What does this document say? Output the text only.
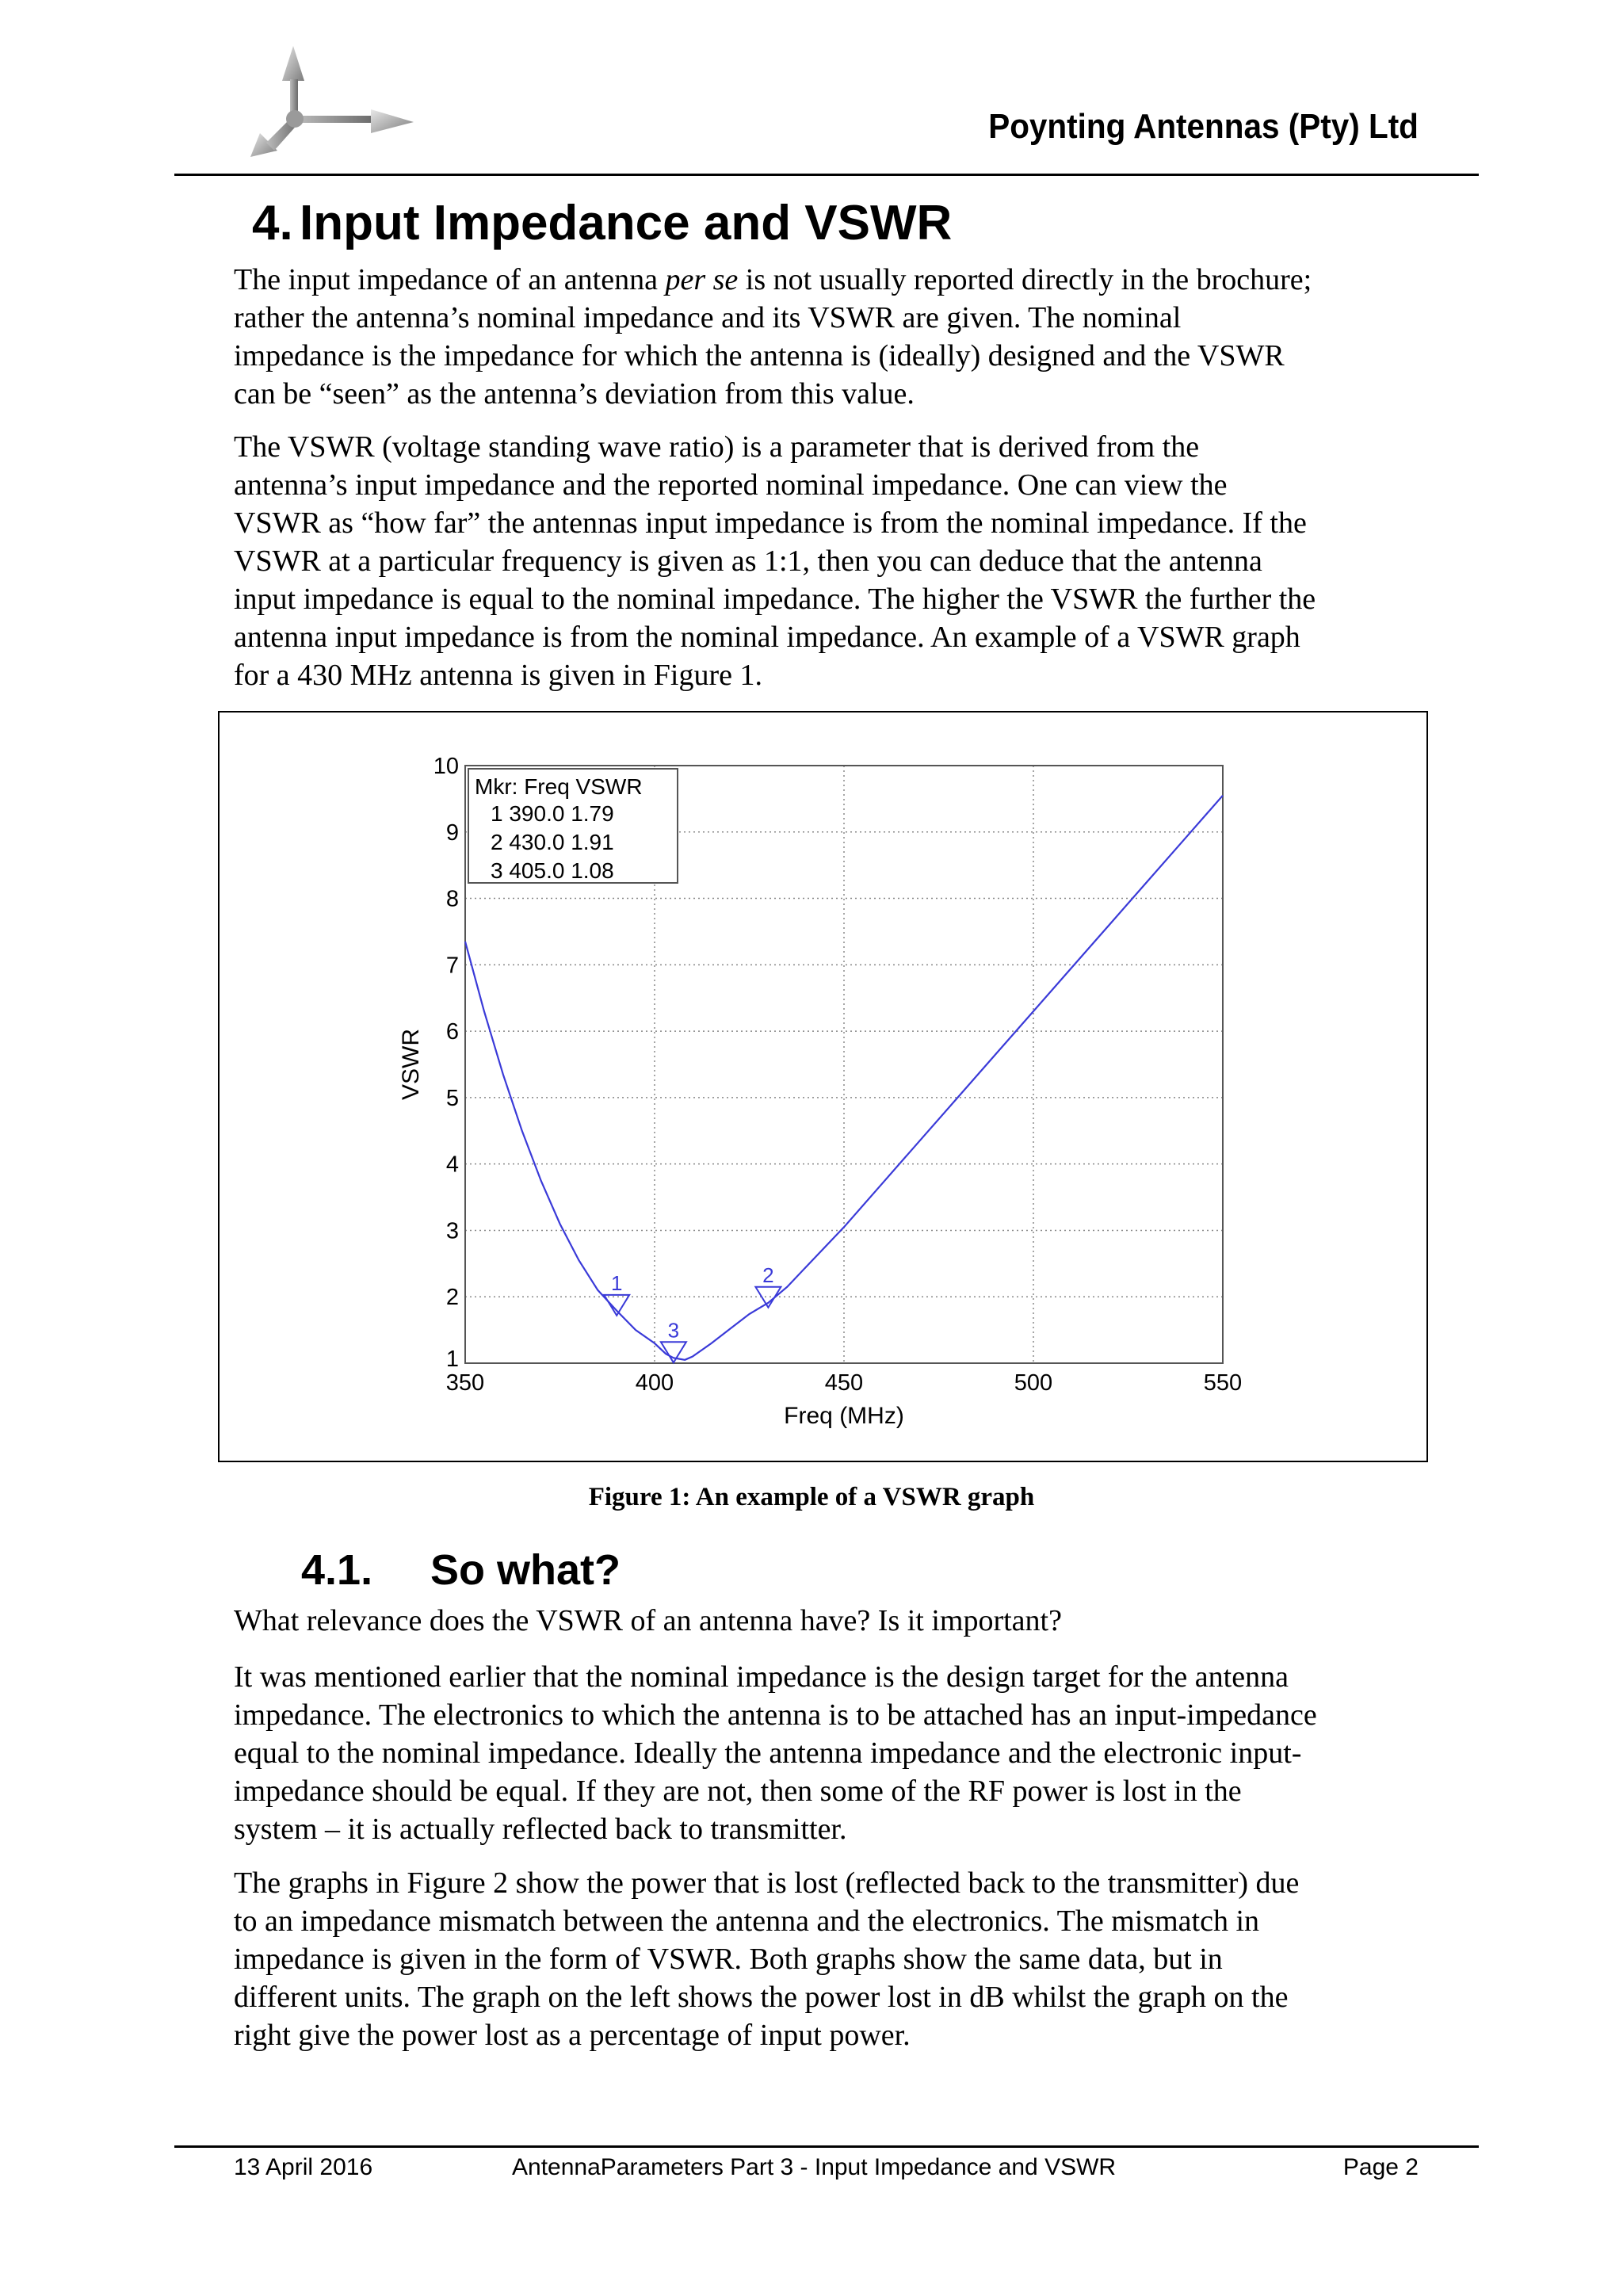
Poynting Antennas (Pty) Ltd
4. Input Impedance and VSWR

The input impedance of an antenna per se is not usually reported directly in the brochure;

rather the antenna’s nominal impedance and its VSWR are given. The nominal

impedance is the impedance for which the antenna is (ideally) designed and the VSWR

can be “seen” as the antenna’s deviation from this value.

The VSWR (voltage standing wave ratio) is a parameter that is derived from the

antenna’s input impedance and the reported nominal impedance. One can view the

VSWR as “how far” the antennas input impedance is from the nominal impedance. If the

VSWR at a particular frequency is given as 1:1, then you can deduce that the antenna

input impedance is equal to the nominal impedance. The higher the VSWR the further the

antenna input impedance is from the nominal impedance. An example of a VSWR graph

for a 430 MHz antenna is given in Figure 1.

350	400	450	500	550
1
2
3
4
5
6
7
8
9
10
Freq (MHz)
VSWR
1	2
3
Mkr: Freq VSWR
1 390.0 1.79
2 430.0 1.91
3 405.0 1.08
Figure 1: An example of a VSWR graph
4.1. So what?

What relevance does the VSWR of an antenna have? Is it important?

It was mentioned earlier that the nominal impedance is the design target for the antenna

impedance. The electronics to which the antenna is to be attached has an input-impedance

equal to the nominal impedance. Ideally the antenna impedance and the electronic input-

impedance should be equal. If they are not, then some of the RF power is lost in the

system – it is actually reflected back to transmitter.

The graphs in Figure 2 show the power that is lost (reflected back to the transmitter) due

to an impedance mismatch between the antenna and the electronics. The mismatch in

impedance is given in the form of VSWR. Both graphs show the same data, but in

different units. The graph on the left shows the power lost in dB whilst the graph on the

right give the power lost as a percentage of input power.

13 April 2016	AntennaParameters Part 3 - Input Impedance and VSWR	Page 2
